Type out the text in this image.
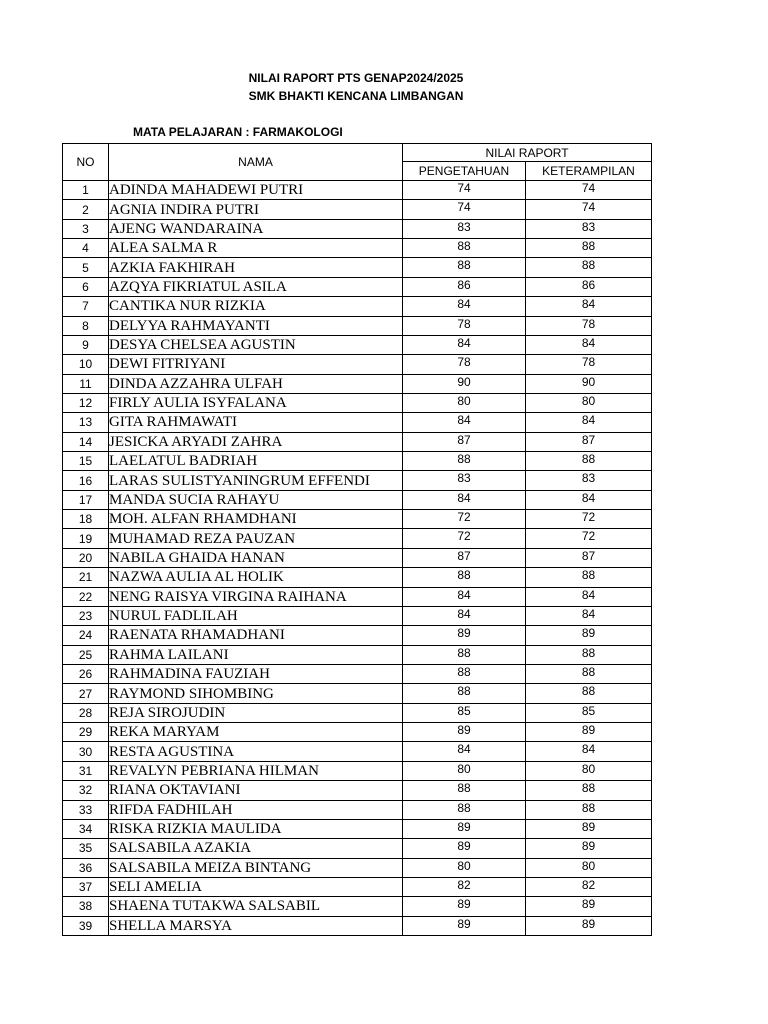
NILAI RAPORT PTS GENAP2024/2025
SMK BHAKTI KENCANA LIMBANGAN
MATA PELAJARAN : FARMAKOLOGI
NO	NAMA	NILAI RAPORT	
		PENGETAHUAN	KETERAMPILAN
1	ADINDA MAHADEWI PUTRI	74	74
2	AGNIA INDIRA PUTRI	74	74
3	AJENG WANDARAINA	83	83
4	ALEA SALMA R	88	88
5	AZKIA FAKHIRAH	88	88
6	AZQYA FIKRIATUL ASILA	86	86
7	CANTIKA NUR RIZKIA	84	84
8	DELYYA RAHMAYANTI	78	78
9	DESYA CHELSEA AGUSTIN	84	84
10	DEWI FITRIYANI	78	78
11	DINDA AZZAHRA ULFAH	90	90
12	FIRLY AULIA ISYFALANA	80	80
13	GITA RAHMAWATI	84	84
14	JESICKA ARYADI ZAHRA	87	87
15	LAELATUL BADRIAH	88	88
16	LARAS SULISTYANINGRUM EFFENDI	83	83
17	MANDA SUCIA RAHAYU	84	84
18	MOH. ALFAN RHAMDHANI	72	72
19	MUHAMAD REZA PAUZAN	72	72
20	NABILA GHAIDA HANAN	87	87
21	NAZWA AULIA AL HOLIK	88	88
22	NENG RAISYA VIRGINA RAIHANA	84	84
23	NURUL FADLILAH	84	84
24	RAENATA RHAMADHANI	89	89
25	RAHMA LAILANI	88	88
26	RAHMADINA FAUZIAH	88	88
27	RAYMOND SIHOMBING	88	88
28	REJA SIROJUDIN	85	85
29	REKA MARYAM	89	89
30	RESTA AGUSTINA	84	84
31	REVALYN PEBRIANA HILMAN	80	80
32	RIANA OKTAVIANI	88	88
33	RIFDA FADHILAH	88	88
34	RISKA RIZKIA MAULIDA	89	89
35	SALSABILA AZAKIA	89	89
36	SALSABILA MEIZA BINTANG	80	80
37	SELI AMELIA	82	82
38	SHAENA TUTAKWA SALSABIL	89	89
39	SHELLA MARSYA	89	89
